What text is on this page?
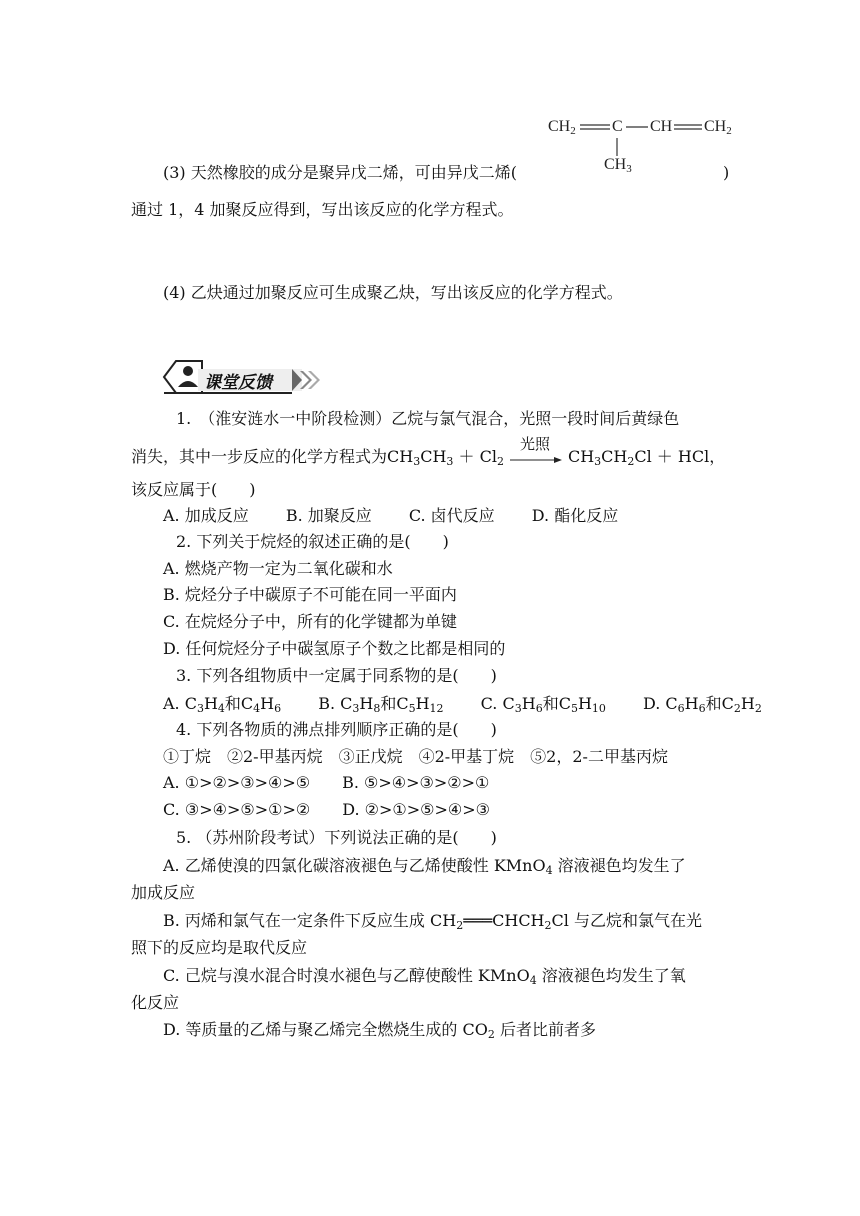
$CH_2$ C CH $CH_2$
$CH_3$
(3) 天然橡胶的成分是聚异戊二烯，可由异戊二烯(	)
通过 1，4 加聚反应得到，写出该反应的化学方程式。
(4) 乙炔通过加聚反应可生成聚乙炔，写出该反应的化学方程式。
课堂反馈
1.　（淮安涟水一中阶段检测）乙烷与氯气混合，光照一段时间后黄绿色
消失，其中一步反应的化学方程式为$CH_3CH_3 + Cl_2$
光照
$CH_3CH_2Cl$ ＋ HCl，
该反应属于(　　)
A. 加成反应　　 B. 加聚反应　　 C. 卤代反应　　 D. 酯化反应
2. 下列关于烷烃的叙述正确的是(　　)
A. 燃烧产物一定为二氧化碳和水
B. 烷烃分子中碳原子不可能在同一平面内
C. 在烷烃分子中，所有的化学键都为单键
D. 任何烷烃分子中碳氢原子个数之比都是相同的
3. 下列各组物质中一定属于同系物的是(　　)
A. $C_3H_4$和$C_4H_6$　　 B. $C_3H_8$和$C_5H_{12}$　　 C. $C_3H_6$和$C_5H_{10}$　　 D. $C_6H_6$和$C_2H_2$
4. 下列各物质的沸点排列顺序正确的是(　　)
①丁烷　②2-甲基丙烷　③正戊烷　④2-甲基丁烷　⑤2，2-二甲基丙烷
A. ①>②>③>④>⑤　　B. ⑤>④>③>②>①
C. ③>④>⑤>①>②　　D. ②>①>⑤>④>③
5. （苏州阶段考试）下列说法正确的是(　　)
A. 乙烯使溴的四氯化碳溶液褪色与乙烯使酸性 KMnO$_4$ 溶液褪色均发生了
加成反应
B. 丙烯和氯气在一定条件下反应生成 $CH_2═══CHCH_2Cl$ 与乙烷和氯气在光
照下的反应均是取代反应
C. 己烷与溴水混合时溴水褪色与乙醇使酸性 KMnO$_4$ 溶液褪色均发生了氧
化反应
D. 等质量的乙烯与聚乙烯完全燃烧生成的 $CO_2$ 后者比前者多
